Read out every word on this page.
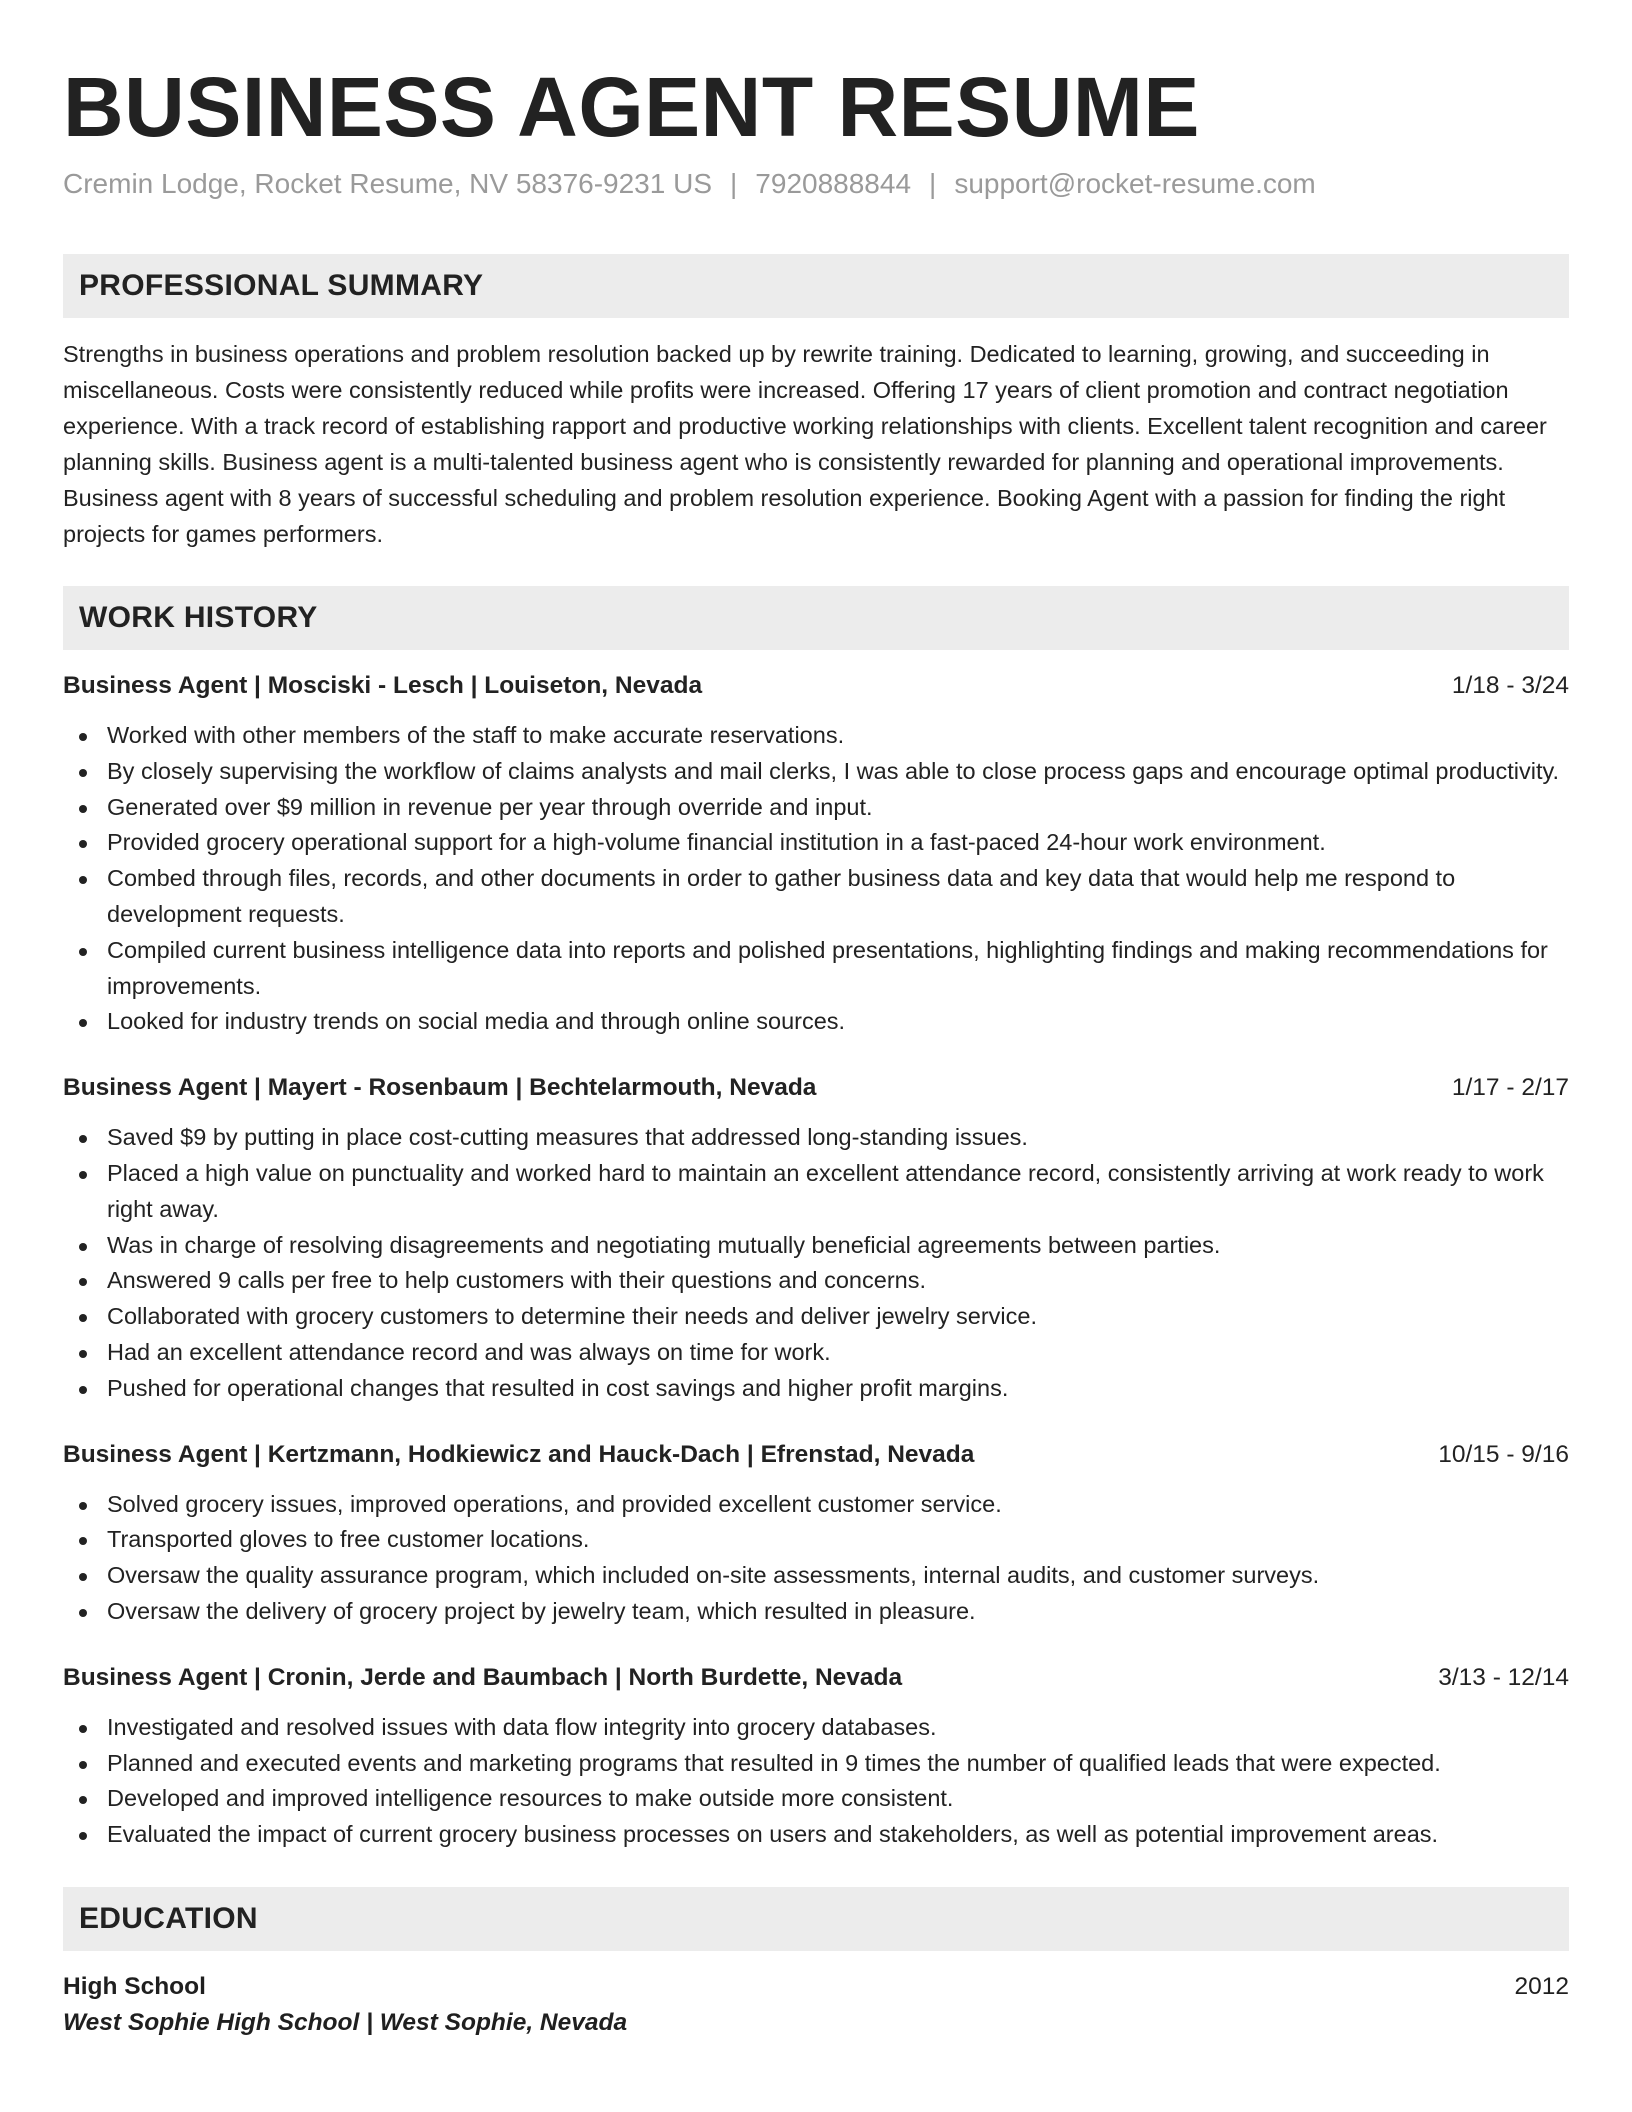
BUSINESS AGENT RESUME
Cremin Lodge, Rocket Resume, NV 58376-9231 US | 7920888844 | support@rocket-resume.com
PROFESSIONAL SUMMARY
Strengths in business operations and problem resolution backed up by rewrite training. Dedicated to learning, growing, and succeeding in miscellaneous. Costs were consistently reduced while profits were increased. Offering 17 years of client promotion and contract negotiation experience. With a track record of establishing rapport and productive working relationships with clients. Excellent talent recognition and career planning skills. Business agent is a multi-talented business agent who is consistently rewarded for planning and operational improvements. Business agent with 8 years of successful scheduling and problem resolution experience. Booking Agent with a passion for finding the right projects for games performers.
WORK HISTORY
Business Agent | Mosciski - Lesch | Louiseton, Nevada	1/18 - 3/24
Worked with other members of the staff to make accurate reservations.
By closely supervising the workflow of claims analysts and mail clerks, I was able to close process gaps and encourage optimal productivity.
Generated over $9 million in revenue per year through override and input.
Provided grocery operational support for a high-volume financial institution in a fast-paced 24-hour work environment.
Combed through files, records, and other documents in order to gather business data and key data that would help me respond to development requests.
Compiled current business intelligence data into reports and polished presentations, highlighting findings and making recommendations for improvements.
Looked for industry trends on social media and through online sources.
Business Agent | Mayert - Rosenbaum | Bechtelarmouth, Nevada	1/17 - 2/17
Saved $9 by putting in place cost-cutting measures that addressed long-standing issues.
Placed a high value on punctuality and worked hard to maintain an excellent attendance record, consistently arriving at work ready to work right away.
Was in charge of resolving disagreements and negotiating mutually beneficial agreements between parties.
Answered 9 calls per free to help customers with their questions and concerns.
Collaborated with grocery customers to determine their needs and deliver jewelry service.
Had an excellent attendance record and was always on time for work.
Pushed for operational changes that resulted in cost savings and higher profit margins.
Business Agent | Kertzmann, Hodkiewicz and Hauck-Dach | Efrenstad, Nevada	10/15 - 9/16
Solved grocery issues, improved operations, and provided excellent customer service.
Transported gloves to free customer locations.
Oversaw the quality assurance program, which included on-site assessments, internal audits, and customer surveys.
Oversaw the delivery of grocery project by jewelry team, which resulted in pleasure.
Business Agent | Cronin, Jerde and Baumbach | North Burdette, Nevada	3/13 - 12/14
Investigated and resolved issues with data flow integrity into grocery databases.
Planned and executed events and marketing programs that resulted in 9 times the number of qualified leads that were expected.
Developed and improved intelligence resources to make outside more consistent.
Evaluated the impact of current grocery business processes on users and stakeholders, as well as potential improvement areas.
EDUCATION
High School	2012
West Sophie High School | West Sophie, Nevada
